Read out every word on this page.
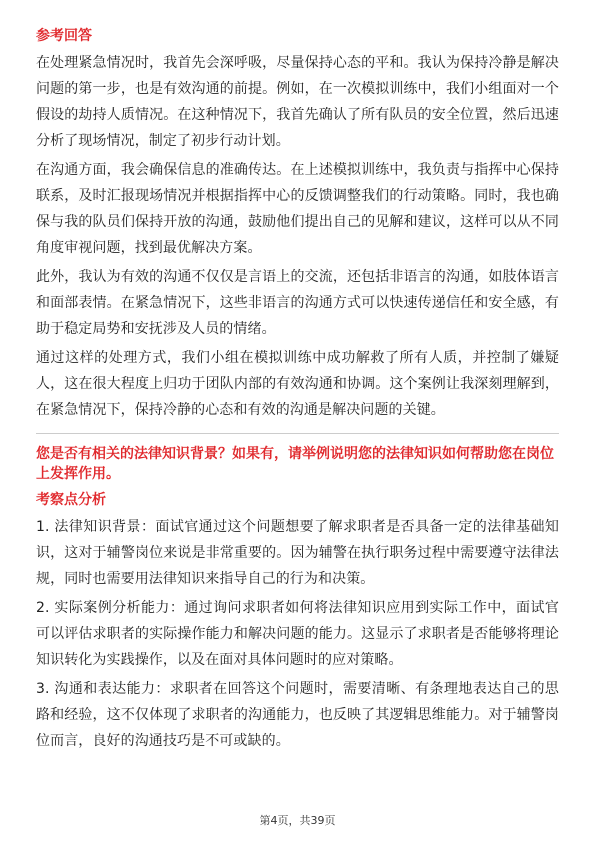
参考回答

在处理紧急情况时，我首先会深呼吸，尽量保持心态的平和。我认为保持冷静是解决问题的第一步，也是有效沟通的前提。例如，在一次模拟训练中，我们小组面对一个假设的劫持人质情况。在这种情况下，我首先确认了所有队员的安全位置，然后迅速分析了现场情况，制定了初步行动计划。

在沟通方面，我会确保信息的准确传达。在上述模拟训练中，我负责与指挥中心保持联系，及时汇报现场情况并根据指挥中心的反馈调整我们的行动策略。同时，我也确保与我的队员们保持开放的沟通，鼓励他们提出自己的见解和建议，这样可以从不同角度审视问题，找到最优解决方案。

此外，我认为有效的沟通不仅仅是言语上的交流，还包括非语言的沟通，如肢体语言和面部表情。在紧急情况下，这些非语言的沟通方式可以快速传递信任和安全感，有助于稳定局势和安抚涉及人员的情绪。

通过这样的处理方式，我们小组在模拟训练中成功解救了所有人质，并控制了嫌疑人，这在很大程度上归功于团队内部的有效沟通和协调。这个案例让我深刻理解到，在紧急情况下，保持冷静的心态和有效的沟通是解决问题的关键。

您是否有相关的法律知识背景？如果有，请举例说明您的法律知识如何帮助您在岗位上发挥作用。
考察点分析

1. 法律知识背景：面试官通过这个问题想要了解求职者是否具备一定的法律基础知识，这对于辅警岗位来说是非常重要的。因为辅警在执行职务过程中需要遵守法律法规，同时也需要用法律知识来指导自己的行为和决策。

2. 实际案例分析能力：通过询问求职者如何将法律知识应用到实际工作中，面试官可以评估求职者的实际操作能力和解决问题的能力。这显示了求职者是否能够将理论知识转化为实践操作，以及在面对具体问题时的应对策略。

3. 沟通和表达能力：求职者在回答这个问题时，需要清晰、有条理地表达自己的思路和经验，这不仅体现了求职者的沟通能力，也反映了其逻辑思维能力。对于辅警岗位而言，良好的沟通技巧是不可或缺的。

第4页，共39页
